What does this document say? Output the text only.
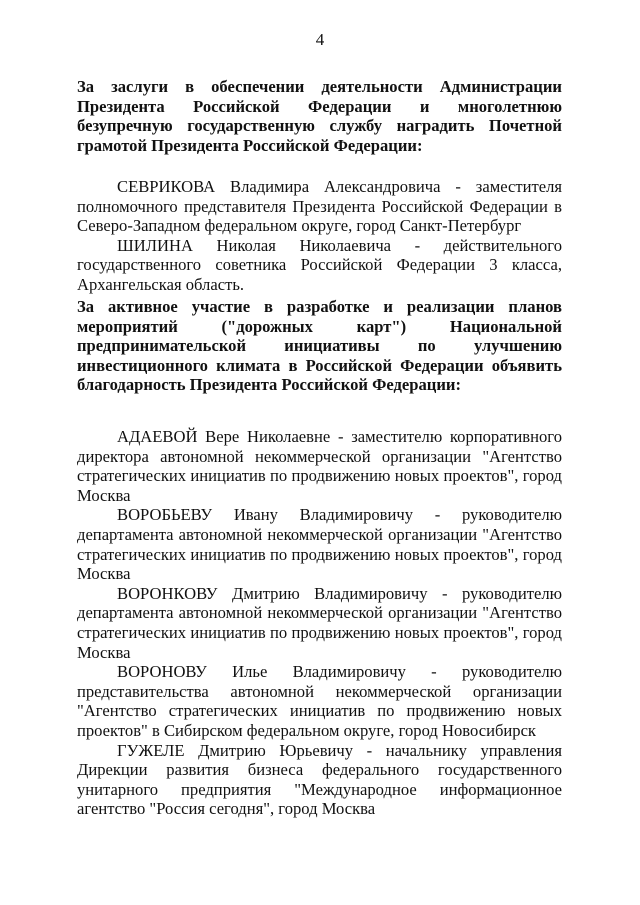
4

За заслуги в обеспечении деятельности Администрации Президента Российской Федерации и многолетнюю безупречную государственную службу наградить Почетной грамотой Президента Российской Федерации:

СЕВРИКОВА Владимира Александровича - заместителя полномочного представителя Президента Российской Федерации в Северо-Западном федеральном округе, город Санкт-Петербург

ШИЛИНА Николая Николаевича - действительного государственного советника Российской Федерации 3 класса, Архангельская область.

За активное участие в разработке и реализации планов мероприятий ("дорожных карт") Национальной предпринимательской инициативы по улучшению инвестиционного климата в Российской Федерации объявить благодарность Президента Российской Федерации:

АДАЕВОЙ Вере Николаевне - заместителю корпоративного директора автономной некоммерческой организации "Агентство стратегических инициатив по продвижению новых проектов", город Москва

ВОРОБЬЕВУ Ивану Владимировичу - руководителю департамента автономной некоммерческой организации "Агентство стратегических инициатив по продвижению новых проектов", город Москва

ВОРОНКОВУ Дмитрию Владимировичу - руководителю департамента автономной некоммерческой организации "Агентство стратегических инициатив по продвижению новых проектов", город Москва

ВОРОНОВУ Илье Владимировичу - руководителю представительства автономной некоммерческой организации "Агентство стратегических инициатив по продвижению новых проектов" в Сибирском федеральном округе, город Новосибирск

ГУЖЕЛЕ Дмитрию Юрьевичу - начальнику управления Дирекции развития бизнеса федерального государственного унитарного предприятия "Международное информационное агентство "Россия сегодня", город Москва
